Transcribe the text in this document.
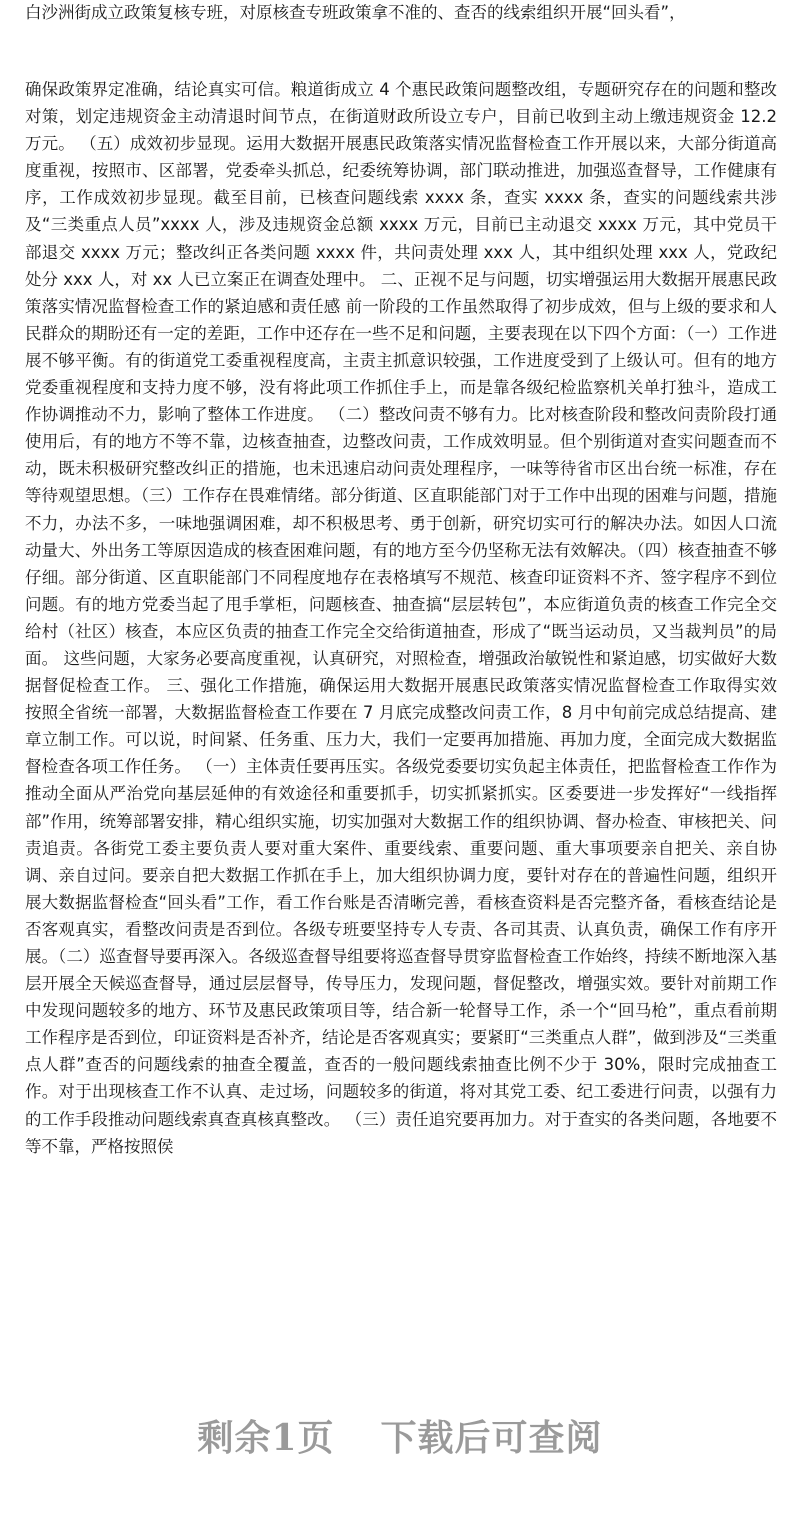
白沙洲街成立政策复核专班，对原核查专班政策拿不准的、查否的线索组织开展“回头看”，
确保政策界定准确，结论真实可信。粮道街成立 4 个惠民政策问题整改组，专题研究存在的问题和整改对策，划定违规资金主动清退时间节点，在街道财政所设立专户，目前已收到主动上缴违规资金 12.2 万元。 （五）成效初步显现。运用大数据开展惠民政策落实情况监督检查工作开展以来，大部分街道高度重视，按照市、区部署，党委牵头抓总，纪委统筹协调，部门联动推进，加强巡查督导，工作健康有序，工作成效初步显现。截至目前，已核查问题线索 xxxx 条，查实 xxxx 条，查实的问题线索共涉及“三类重点人员”xxxx 人，涉及违规资金总额 xxxx 万元，目前已主动退交 xxxx 万元，其中党员干部退交 xxxx 万元；整改纠正各类问题 xxxx 件，共问责处理 xxx 人，其中组织处理 xxx 人，党政纪处分 xxx 人，对 xx 人已立案正在调查处理中。 二、正视不足与问题，切实增强运用大数据开展惠民政策落实情况监督检查工作的紧迫感和责任感 前一阶段的工作虽然取得了初步成效，但与上级的要求和人民群众的期盼还有一定的差距，工作中还存在一些不足和问题，主要表现在以下四个方面：（一）工作进展不够平衡。有的街道党工委重视程度高，主责主抓意识较强，工作进度受到了上级认可。但有的地方党委重视程度和支持力度不够，没有将此项工作抓住手上，而是靠各级纪检监察机关单打独斗，造成工作协调推动不力，影响了整体工作进度。 （二）整改问责不够有力。比对核查阶段和整改问责阶段打通使用后，有的地方不等不靠，边核查抽查，边整改问责，工作成效明显。但个别街道对查实问题查而不动，既未积极研究整改纠正的措施，也未迅速启动问责处理程序，一味等待省市区出台统一标准，存在等待观望思想。（三）工作存在畏难情绪。部分街道、区直职能部门对于工作中出现的困难与问题，措施不力，办法不多，一味地强调困难，却不积极思考、勇于创新，研究切实可行的解决办法。如因人口流动量大、外出务工等原因造成的核查困难问题，有的地方至今仍坚称无法有效解决。（四）核查抽查不够仔细。部分街道、区直职能部门不同程度地存在表格填写不规范、核查印证资料不齐、签字程序不到位问题。有的地方党委当起了甩手掌柜，问题核查、抽查搞“层层转包”，本应街道负责的核查工作完全交给村（社区）核查，本应区负责的抽查工作完全交给街道抽查，形成了“既当运动员，又当裁判员”的局面。 这些问题，大家务必要高度重视，认真研究，对照检查，增强政治敏锐性和紧迫感，切实做好大数据督促检查工作。 三、强化工作措施，确保运用大数据开展惠民政策落实情况监督检查工作取得实效 按照全省统一部署，大数据监督检查工作要在 7 月底完成整改问责工作，8 月中旬前完成总结提高、建章立制工作。可以说，时间紧、任务重、压力大，我们一定要再加措施、再加力度，全面完成大数据监督检查各项工作任务。 （一）主体责任要再压实。各级党委要切实负起主体责任，把监督检查工作作为推动全面从严治党向基层延伸的有效途径和重要抓手，切实抓紧抓实。区委要进一步发挥好“一线指挥部”作用，统筹部署安排，精心组织实施，切实加强对大数据工作的组织协调、督办检查、审核把关、问责追责。各街党工委主要负责人要对重大案件、重要线索、重要问题、重大事项要亲自把关、亲自协调、亲自过问。要亲自把大数据工作抓在手上，加大组织协调力度，要针对存在的普遍性问题，组织开展大数据监督检查“回头看”工作，看工作台账是否清晰完善，看核查资料是否完整齐备，看核查结论是否客观真实，看整改问责是否到位。各级专班要坚持专人专责、各司其责、认真负责，确保工作有序开展。（二）巡查督导要再深入。各级巡查督导组要将巡查督导贯穿监督检查工作始终，持续不断地深入基层开展全天候巡查督导，通过层层督导，传导压力，发现问题，督促整改，增强实效。要针对前期工作中发现问题较多的地方、环节及惠民政策项目等，结合新一轮督导工作，杀一个“回马枪”，重点看前期工作程序是否到位，印证资料是否补齐，结论是否客观真实；要紧盯“三类重点人群”，做到涉及“三类重点人群”查否的问题线索的抽查全覆盖，查否的一般问题线索抽查比例不少于 30%，限时完成抽查工作。对于出现核查工作不认真、走过场，问题较多的街道，将对其党工委、纪工委进行问责，以强有力的工作手段推动问题线索真查真核真整改。 （三）责任追究要再加力。对于查实的各类问题，各地要不等不靠，严格按照侯
剩余1页 下载后可查阅
